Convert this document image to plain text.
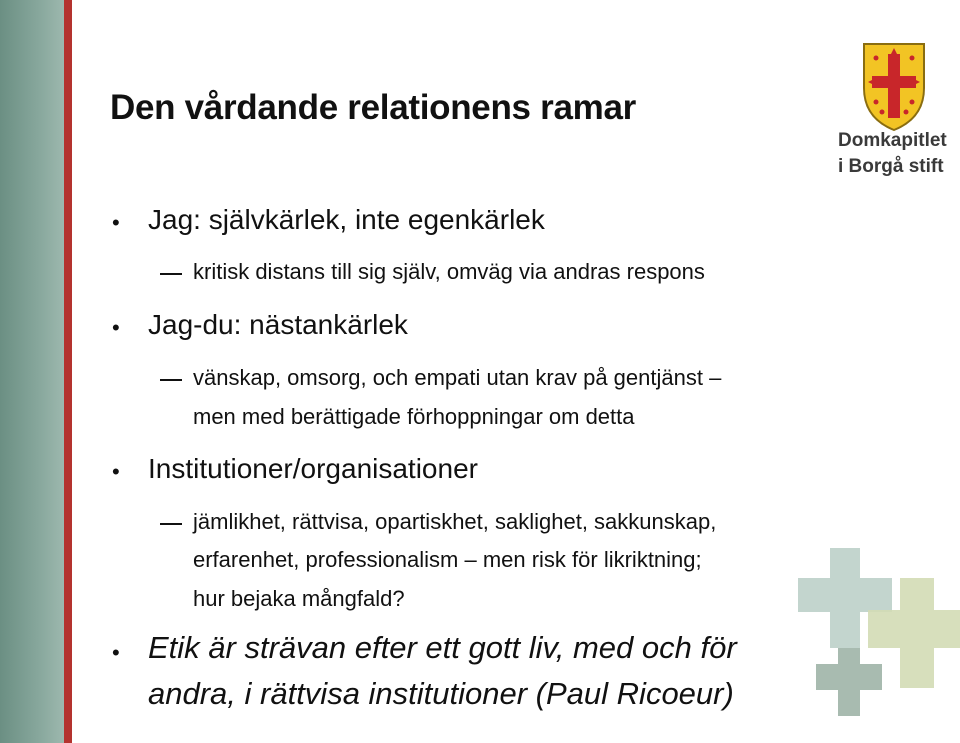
Den vårdande relationens ramar
Domkapitlet
i Borgå stift
• Jag: självkärlek, inte egenkärlek
kritisk distans till sig själv, omväg via andras respons
• Jag-du: nästankärlek
vänskap, omsorg, och empati utan krav på gentjänst –
men med berättigade förhoppningar om detta
• Institutioner/organisationer
jämlikhet, rättvisa, opartiskhet, saklighet, sakkunskap,
erfarenhet, professionalism – men risk för likriktning;
hur bejaka mångfald?
• Etik är strävan efter ett gott liv, med och för
andra, i rättvisa institutioner (Paul Ricoeur)
